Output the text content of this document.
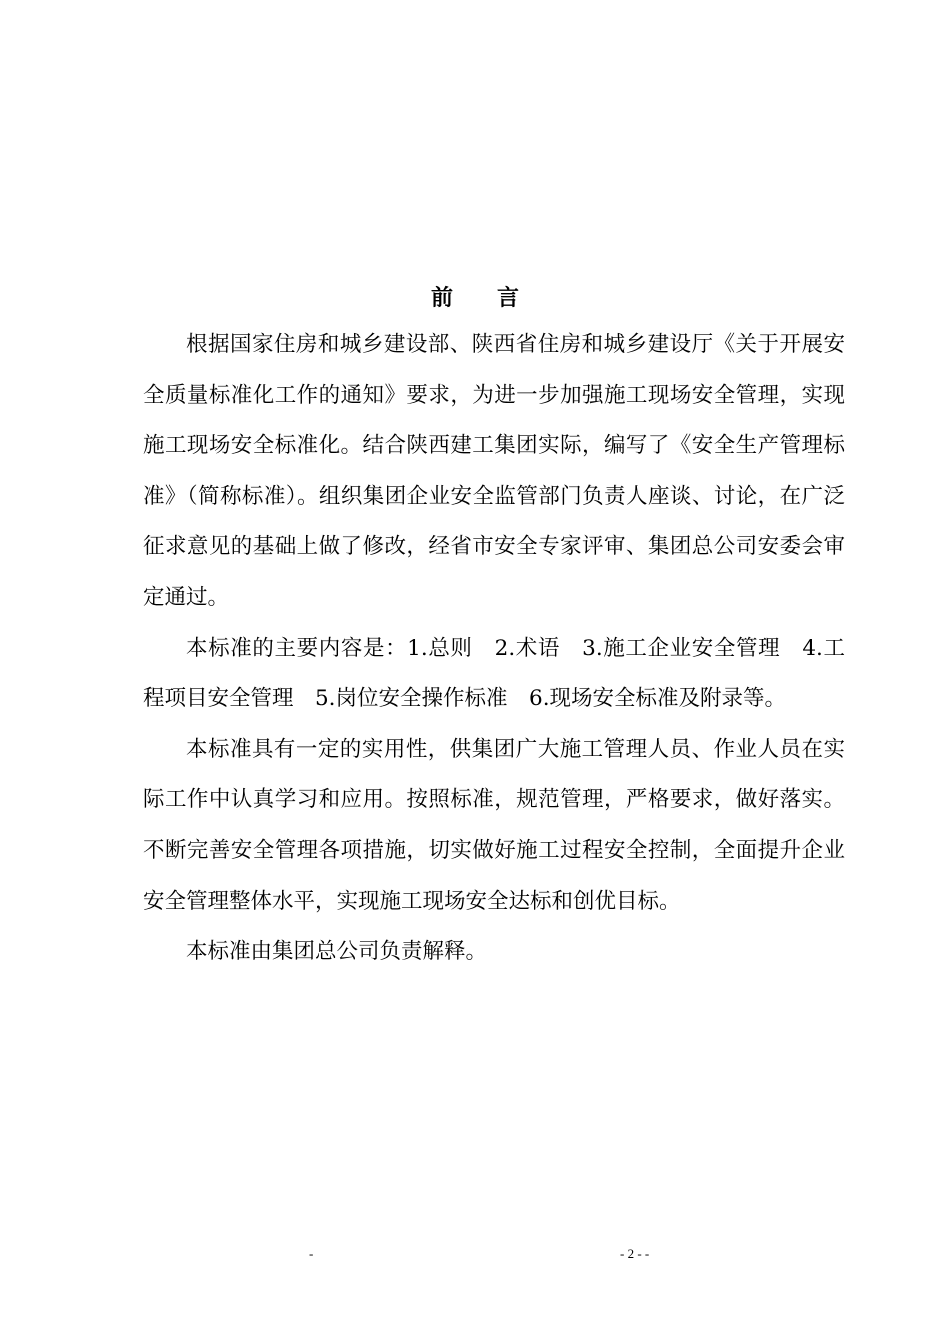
前 言

根据国家住房和城乡建设部、陕西省住房和城乡建设厅《关于开展安全质量标准化工作的通知》要求，为进一步加强施工现场安全管理，实现施工现场安全标准化。结合陕西建工集团实际，编写了《安全生产管理标准》（简称标准）。组织集团企业安全监管部门负责人座谈、讨论，在广泛征求意见的基础上做了修改，经省市安全专家评审、集团总公司安委会审定通过。

本标准的主要内容是：1.总则　2.术语　3.施工企业安全管理　4.工程项目安全管理　5.岗位安全操作标准　6.现场安全标准及附录等。

本标准具有一定的实用性，供集团广大施工管理人员、作业人员在实际工作中认真学习和应用。按照标准，规范管理，严格要求，做好落实。不断完善安全管理各项措施，切实做好施工过程安全控制，全面提升企业安全管理整体水平，实现施工现场安全达标和创优目标。

本标准由集团总公司负责解释。

-	- 2 - -
